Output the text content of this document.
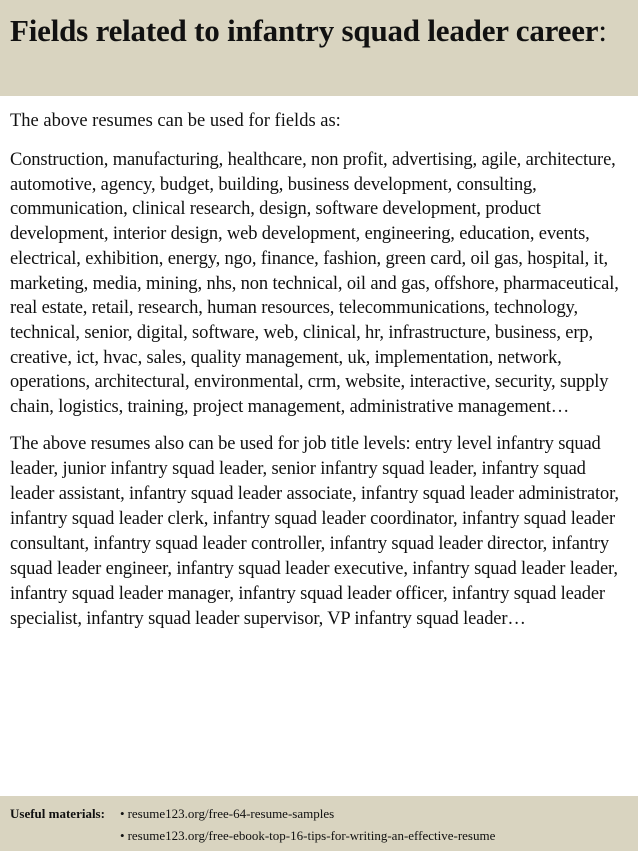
Fields related to infantry squad leader career:

The above resumes can be used for fields as:

Construction, manufacturing, healthcare, non profit, advertising, agile, architecture, automotive, agency, budget, building, business development, consulting, communication, clinical research, design, software development, product development, interior design, web development, engineering, education, events, electrical, exhibition, energy, ngo, finance, fashion, green card, oil gas, hospital, it, marketing, media, mining, nhs, non technical, oil and gas, offshore, pharmaceutical, real estate, retail, research, human resources, telecommunications, technology, technical, senior, digital, software, web, clinical, hr, infrastructure, business, erp, creative, ict, hvac, sales, quality management, uk, implementation, network, operations, architectural, environmental, crm, website, interactive, security, supply chain, logistics, training, project management, administrative management…

The above resumes also can be used for job title levels: entry level infantry squad leader, junior infantry squad leader, senior infantry squad leader, infantry squad leader assistant, infantry squad leader associate, infantry squad leader administrator, infantry squad leader clerk, infantry squad leader coordinator, infantry squad leader consultant, infantry squad leader controller, infantry squad leader director, infantry squad leader engineer, infantry squad leader executive, infantry squad leader leader, infantry squad leader manager, infantry squad leader officer, infantry squad leader specialist, infantry squad leader supervisor, VP infantry squad leader…

Useful materials:	• resume123.org/free-64-resume-samples
• resume123.org/free-ebook-top-16-tips-for-writing-an-effective-resume
